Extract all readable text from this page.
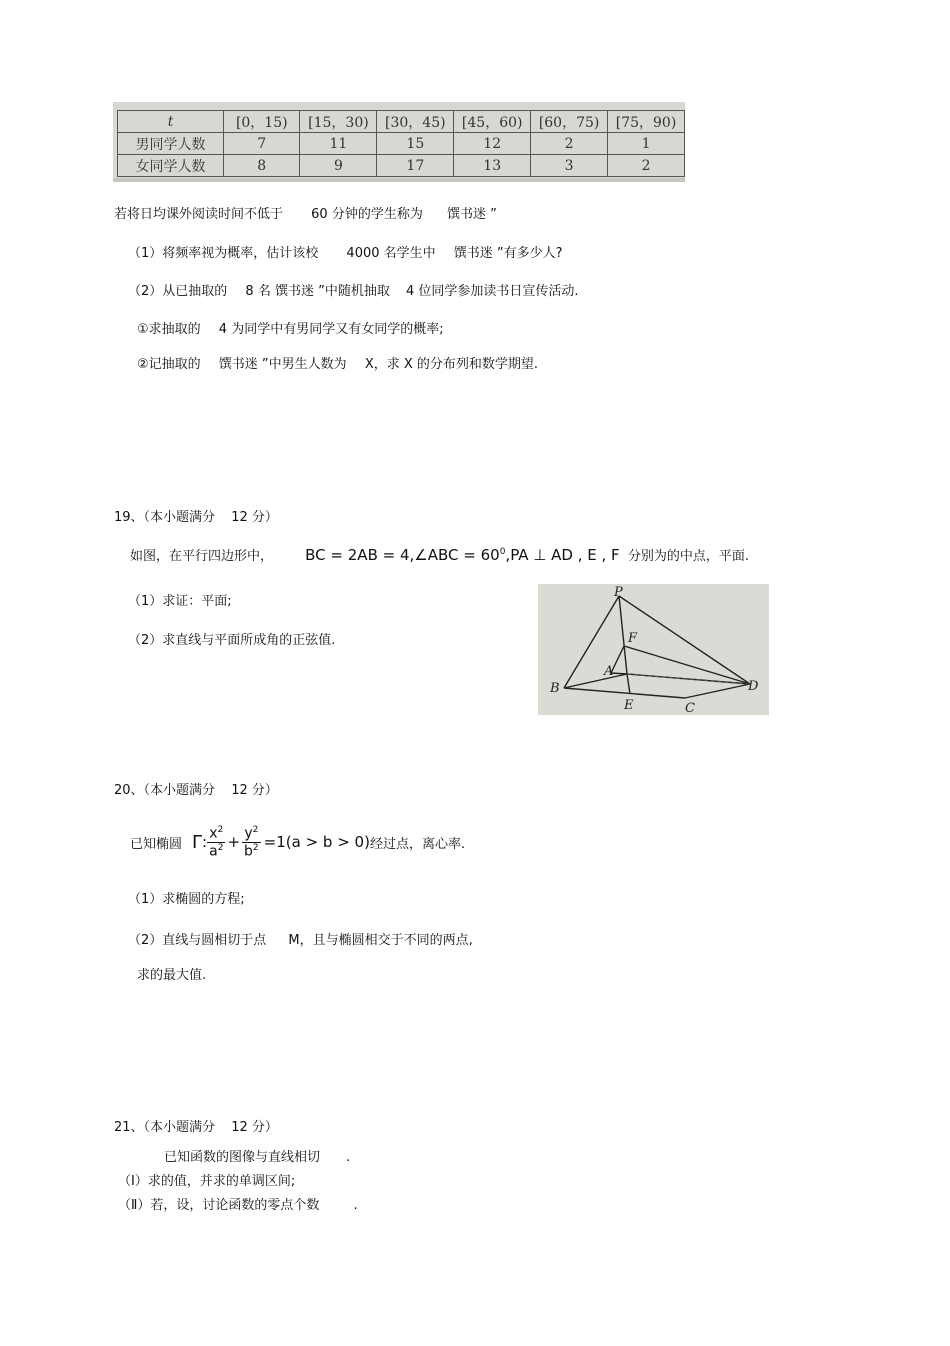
t	[0，15)	[15，30)	[30，45)	[45，60)	[60，75)	[75，90)
男同学人数	7	11	15	12	2	1
女同学人数	8	9	17	13	3	2
若将日均课外阅读时间不低于 60 分钟的学生称为 馔书迷 ”
（1）将频率视为概率，估计该校 4000 名学生中 馔书迷 ”有多少人?
（2）从已抽取的 8 名 馔书迷 ”中随机抽取 4 位同学参加读书日宣传活动.
①求抽取的 4 为同学中有男同学又有女同学的概率;
②记抽取的 馔书迷 ”中男生人数为 X，求 X 的分布列和数学期望.
19、（本小题满分 12 分）
如图，在平行四边形中， BC = 2AB = 4,∠ABC = $60^0,PA$ ⊥ AD , E , F 分别为的中点，平面.
（1）求证：平面;
（2）求直线与平面所成角的正弦值.
P
F
A
B	D
E	C
20、（本小题满分 12 分）
已知椭圆 Γ : $\frac{x^2}{a^2} + \frac{y^2}{b^2} =1(a > b > 0)$ 经过点，离心率.
（1）求椭圆的方程;
（2）直线与圆相切于点 M，且与椭圆相交于不同的两点,
求的最大值.
21、（本小题满分 12 分）
已知函数的图像与直线相切 .
（Ⅰ）求的值，并求的单调区间;
（Ⅱ）若，设，讨论函数的零点个数	.
